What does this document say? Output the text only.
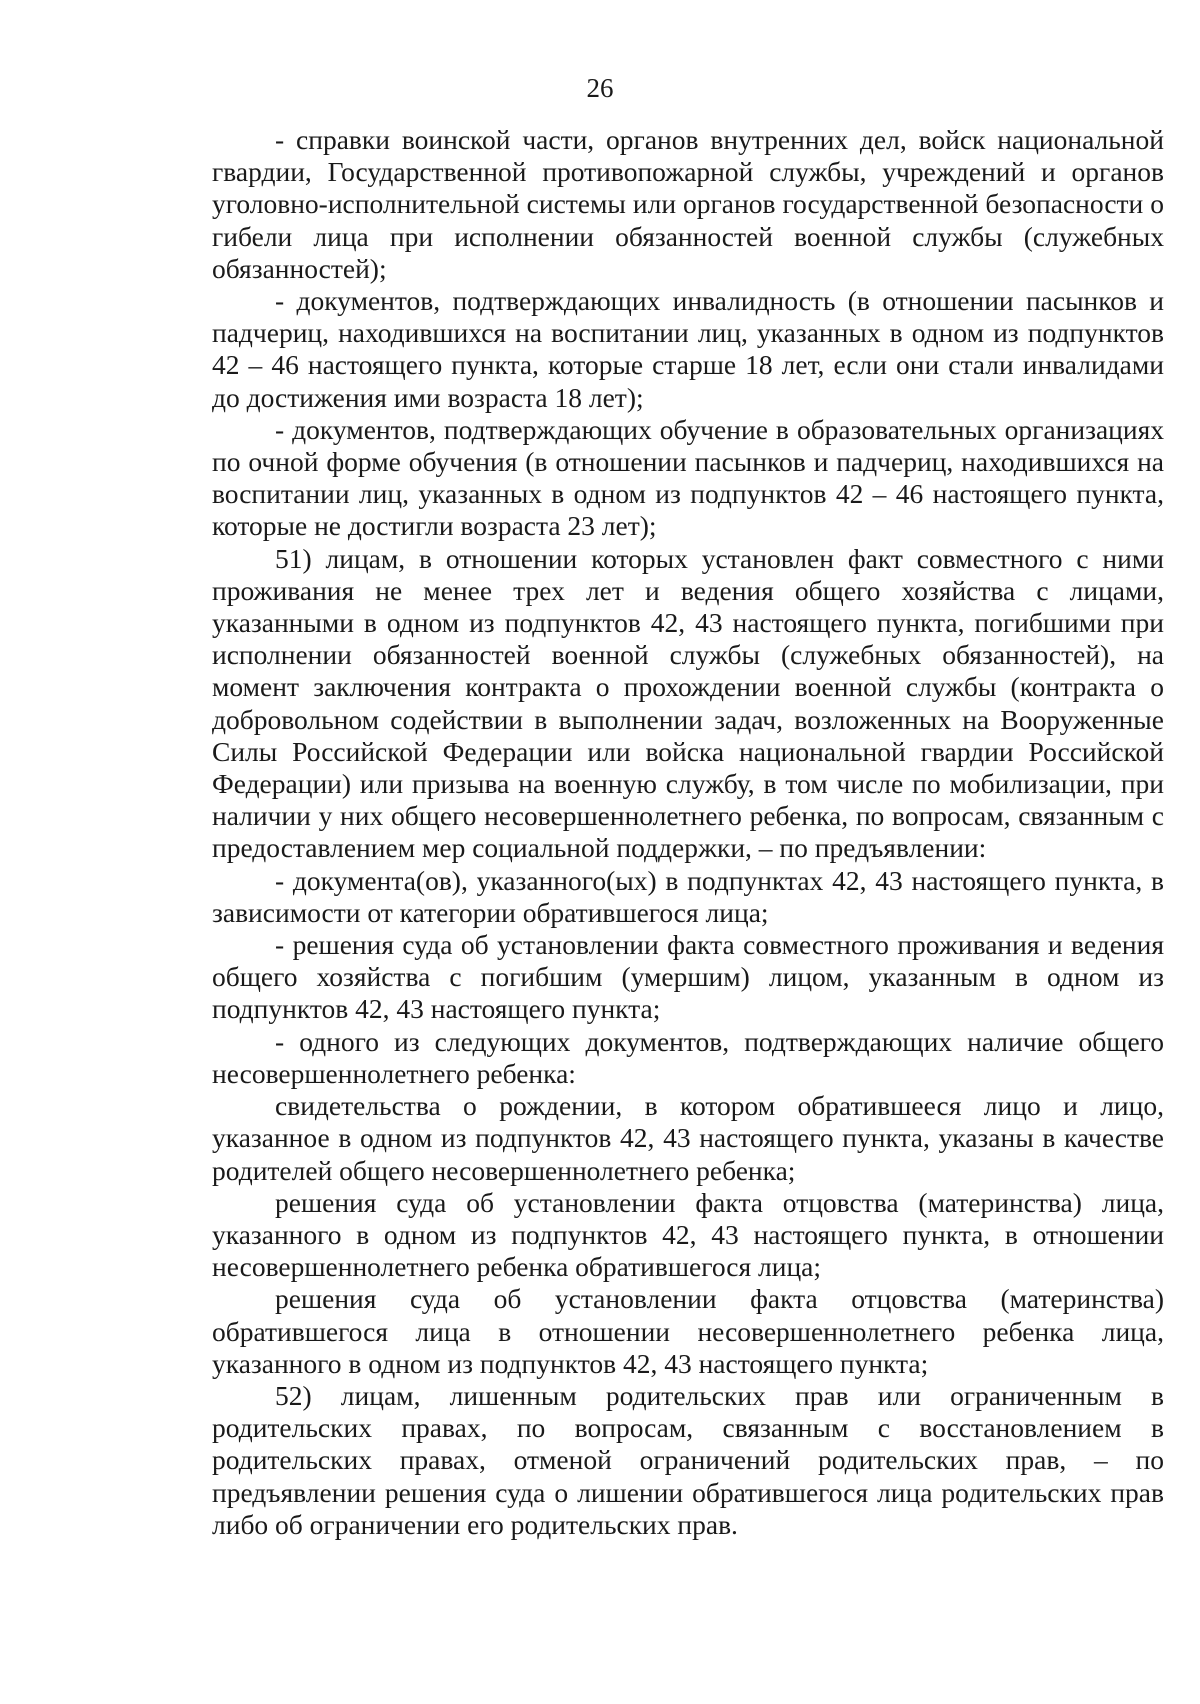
26

- справки воинской части, органов внутренних дел, войск национальной гвардии, Государственной противопожарной службы, учреждений и органов уголовно-исполнительной системы или органов государственной безопасности о гибели лица при исполнении обязанностей военной службы (служебных обязанностей);

- документов, подтверждающих инвалидность (в отношении пасынков и падчериц, находившихся на воспитании лиц, указанных в одном из подпунктов 42 – 46 настоящего пункта, которые старше 18 лет, если они стали инвалидами до достижения ими возраста 18 лет);

- документов, подтверждающих обучение в образовательных организациях по очной форме обучения (в отношении пасынков и падчериц, находившихся на воспитании лиц, указанных в одном из подпунктов 42 – 46 настоящего пункта, которые не достигли возраста 23 лет);

51) лицам, в отношении которых установлен факт совместного с ними проживания не менее трех лет и ведения общего хозяйства с лицами, указанными в одном из подпунктов 42, 43 настоящего пункта, погибшими при исполнении обязанностей военной службы (служебных обязанностей), на момент заключения контракта о прохождении военной службы (контракта о добровольном содействии в выполнении задач, возложенных на Вооруженные Силы Российской Федерации или войска национальной гвардии Российской Федерации) или призыва на военную службу, в том числе по мобилизации, при наличии у них общего несовершеннолетнего ребенка, по вопросам, связанным с предоставлением мер социальной поддержки, – по предъявлении:

- документа(ов), указанного(ых) в подпунктах 42, 43 настоящего пункта, в зависимости от категории обратившегося лица;

- решения суда об установлении факта совместного проживания и ведения общего хозяйства с погибшим (умершим) лицом, указанным в одном из подпунктов 42, 43 настоящего пункта;

- одного из следующих документов, подтверждающих наличие общего несовершеннолетнего ребенка:

свидетельства о рождении, в котором обратившееся лицо и лицо, указанное в одном из подпунктов 42, 43 настоящего пункта, указаны в качестве родителей общего несовершеннолетнего ребенка;

решения суда об установлении факта отцовства (материнства) лица, указанного в одном из подпунктов 42, 43 настоящего пункта, в отношении несовершеннолетнего ребенка обратившегося лица;

решения суда об установлении факта отцовства (материнства) обратившегося лица в отношении несовершеннолетнего ребенка лица, указанного в одном из подпунктов 42, 43 настоящего пункта;

52) лицам, лишенным родительских прав или ограниченным в родительских правах, по вопросам, связанным с восстановлением в родительских правах, отменой ограничений родительских прав, – по предъявлении решения суда о лишении обратившегося лица родительских прав либо об ограничении его родительских прав.
